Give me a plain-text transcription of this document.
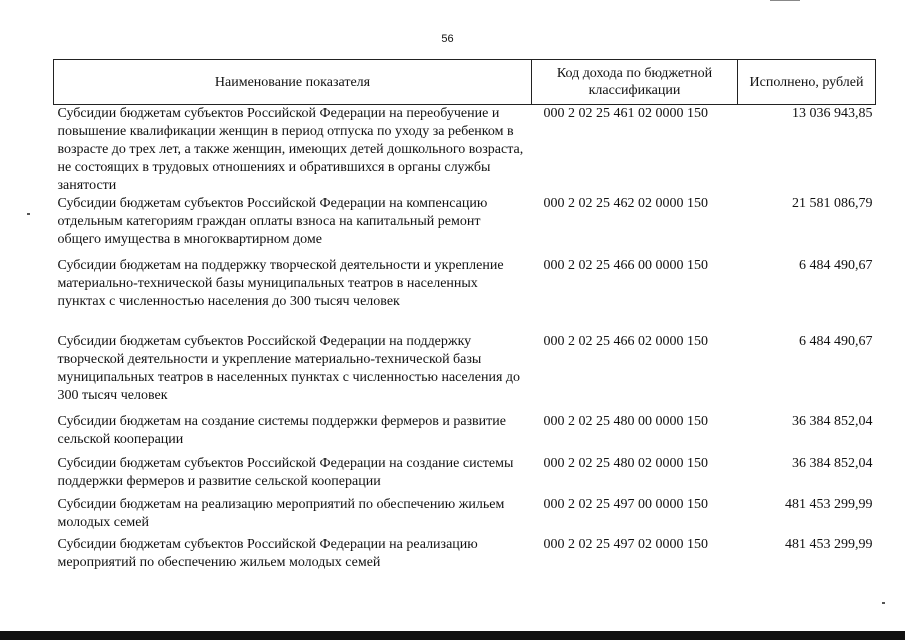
56
Наименование показателя	Код дохода по бюджетной классификации	Исполнено, рублей
Субсидии бюджетам субъектов Российской Федерации на переобучение и повышение квалификации женщин в период отпуска по уходу за ребенком в возрасте до трех лет, а также женщин, имеющих детей дошкольного возраста, не состоящих в трудовых отношениях и обратившихся в органы службы занятости	000 2 02 25 461 02 0000 150	13 036 943,85
Субсидии бюджетам субъектов Российской Федерации на компенсацию отдельным категориям граждан оплаты взноса на капитальный ремонт общего имущества в многоквартирном доме	000 2 02 25 462 02 0000 150	21 581 086,79
Субсидии бюджетам на поддержку творческой деятельности и укрепление материально-технической базы муниципальных театров в населенных пунктах с численностью населения до 300 тысяч человек	000 2 02 25 466 00 0000 150	6 484 490,67
Субсидии бюджетам субъектов Российской Федерации на поддержку творческой деятельности и укрепление материально-технической базы муниципальных театров в населенных пунктах с численностью населения до 300 тысяч человек	000 2 02 25 466 02 0000 150	6 484 490,67
Субсидии бюджетам на создание системы поддержки фермеров и развитие сельской кооперации	000 2 02 25 480 00 0000 150	36 384 852,04
Субсидии бюджетам субъектов Российской Федерации на создание системы поддержки фермеров и развитие сельской кооперации	000 2 02 25 480 02 0000 150	36 384 852,04
Субсидии бюджетам на реализацию мероприятий по обеспечению жильем молодых семей	000 2 02 25 497 00 0000 150	481 453 299,99
Субсидии бюджетам субъектов Российской Федерации на реализацию мероприятий по обеспечению жильем молодых семей	000 2 02 25 497 02 0000 150	481 453 299,99
